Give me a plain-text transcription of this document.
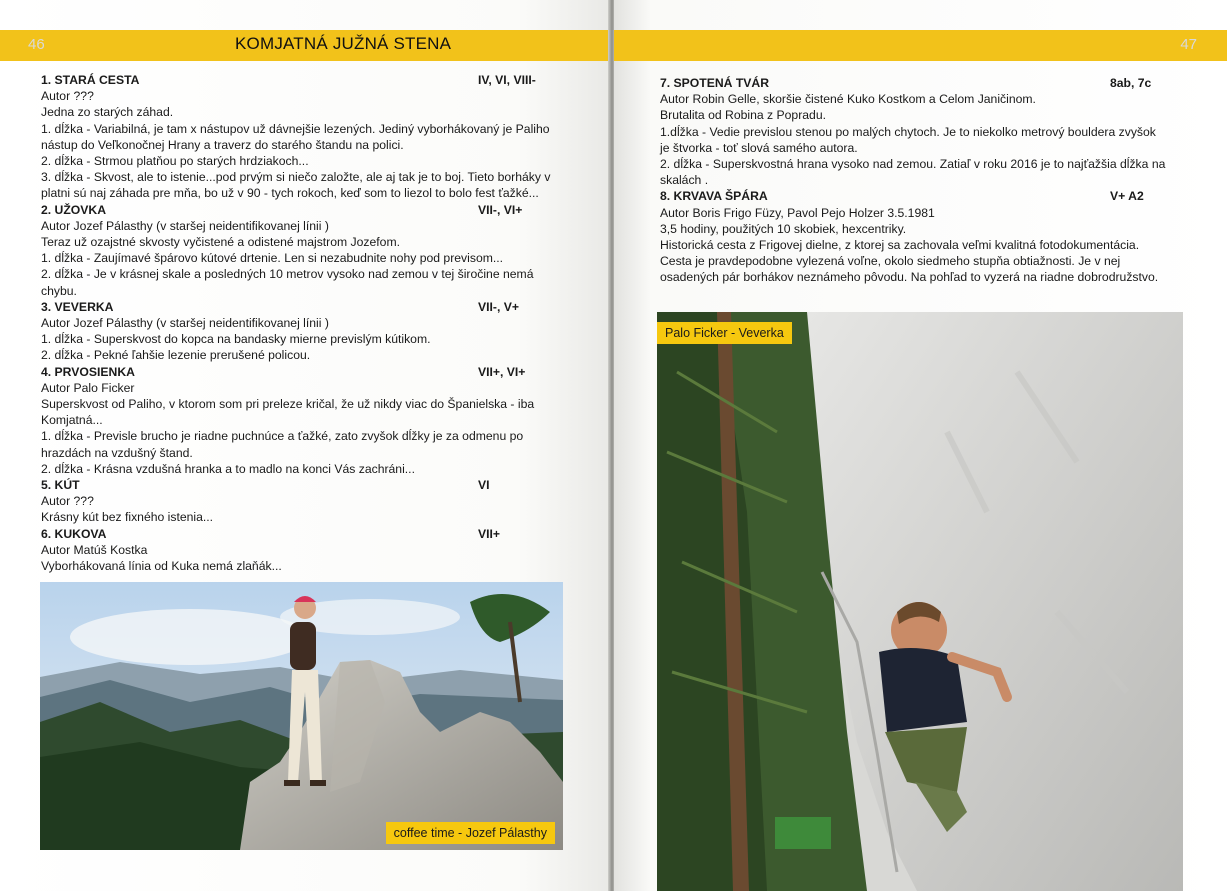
46	KOMJATNÁ JUŽNÁ STENA
1. STARÁ CESTA	IV, VI, VIII-
Autor ???
Jedna zo starých záhad.
1. dĺžka - Variabilná, je tam x nástupov už dávnejšie lezených. Jediný vyborhákovaný je Paliho
nástup do Veľkonočnej Hrany a traverz do starého štandu na polici.
2. dĺžka - Strmou platňou po starých hrdziakoch...
3. dĺžka - Skvost, ale to istenie...pod prvým si niečo založte, ale aj tak je to boj. Tieto borháky v
platni sú naj záhada pre mňa, bo už v 90 - tych rokoch, keď som to liezol to bolo fest ťažké...
2. UŽOVKA	VII-, VI+
Autor Jozef Pálasthy (v staršej neidentifikovanej línii )
Teraz už ozajstné skvosty vyčistené a odistené majstrom Jozefom.
1. dĺžka - Zaujímavé špárovo kútové drtenie. Len si nezabudnite nohy pod previsom...
2. dĺžka - Je v krásnej skale a posledných 10 metrov vysoko nad zemou v tej širočine nemá
chybu.
3. VEVERKA	VII-, V+
Autor Jozef Pálasthy (v staršej neidentifikovanej línii )
1. dĺžka - Superskvost do kopca na bandasky mierne previslým kútikom.
2. dĺžka - Pekné ľahšie lezenie prerušené policou.
4. PRVOSIENKA	VII+, VI+
Autor Palo Ficker
Superskvost od Paliho, v ktorom som pri preleze kričal, že už nikdy viac do Španielska - iba
Komjatná...
1. dĺžka - Previsle brucho je riadne puchnúce a ťažké, zato zvyšok dĺžky je za odmenu po
hrazdách na vzdušný štand.
2. dĺžka - Krásna vzdušná hranka a to madlo na konci Vás zachráni...
5. KÚT	VI
Autor ???
Krásny kút bez fixného istenia...
6. KUKOVA	VII+
Autor Matúš Kostka
Vyborhákovaná línia od Kuka nemá zlaňák...
coffee time - Jozef Pálasthy
47
7. SPOTENÁ TVÁR	8ab, 7c
Autor Robin Gelle, skoršie čistené Kuko Kostkom a Celom Janičinom.
Brutalita od Robina z Popradu.
1.dĺžka - Vedie previslou stenou po malých chytoch. Je to niekolko metrový bouldera zvyšok
je štvorka - toť slová samého autora.
2. dĺžka - Superskvostná hrana vysoko nad zemou. Zatiaľ v roku 2016 je to najťažšia dĺžka na
skalách .
8. KRVAVA ŠPÁRA	V+ A2
Autor Boris Frigo Füzy, Pavol Pejo Holzer 3.5.1981
3,5 hodiny, použitých 10 skobiek, hexcentriky.
Historická cesta z Frigovej dielne, z ktorej sa zachovala veľmi kvalitná fotodokumentácia.
Cesta je pravdepodobne vylezená voľne, okolo siedmeho stupňa obtiažnosti. Je v nej
osadených pár borhákov neznámeho pôvodu. Na pohľad to vyzerá na riadne dobrodružstvo.
Palo Ficker - Veverka
